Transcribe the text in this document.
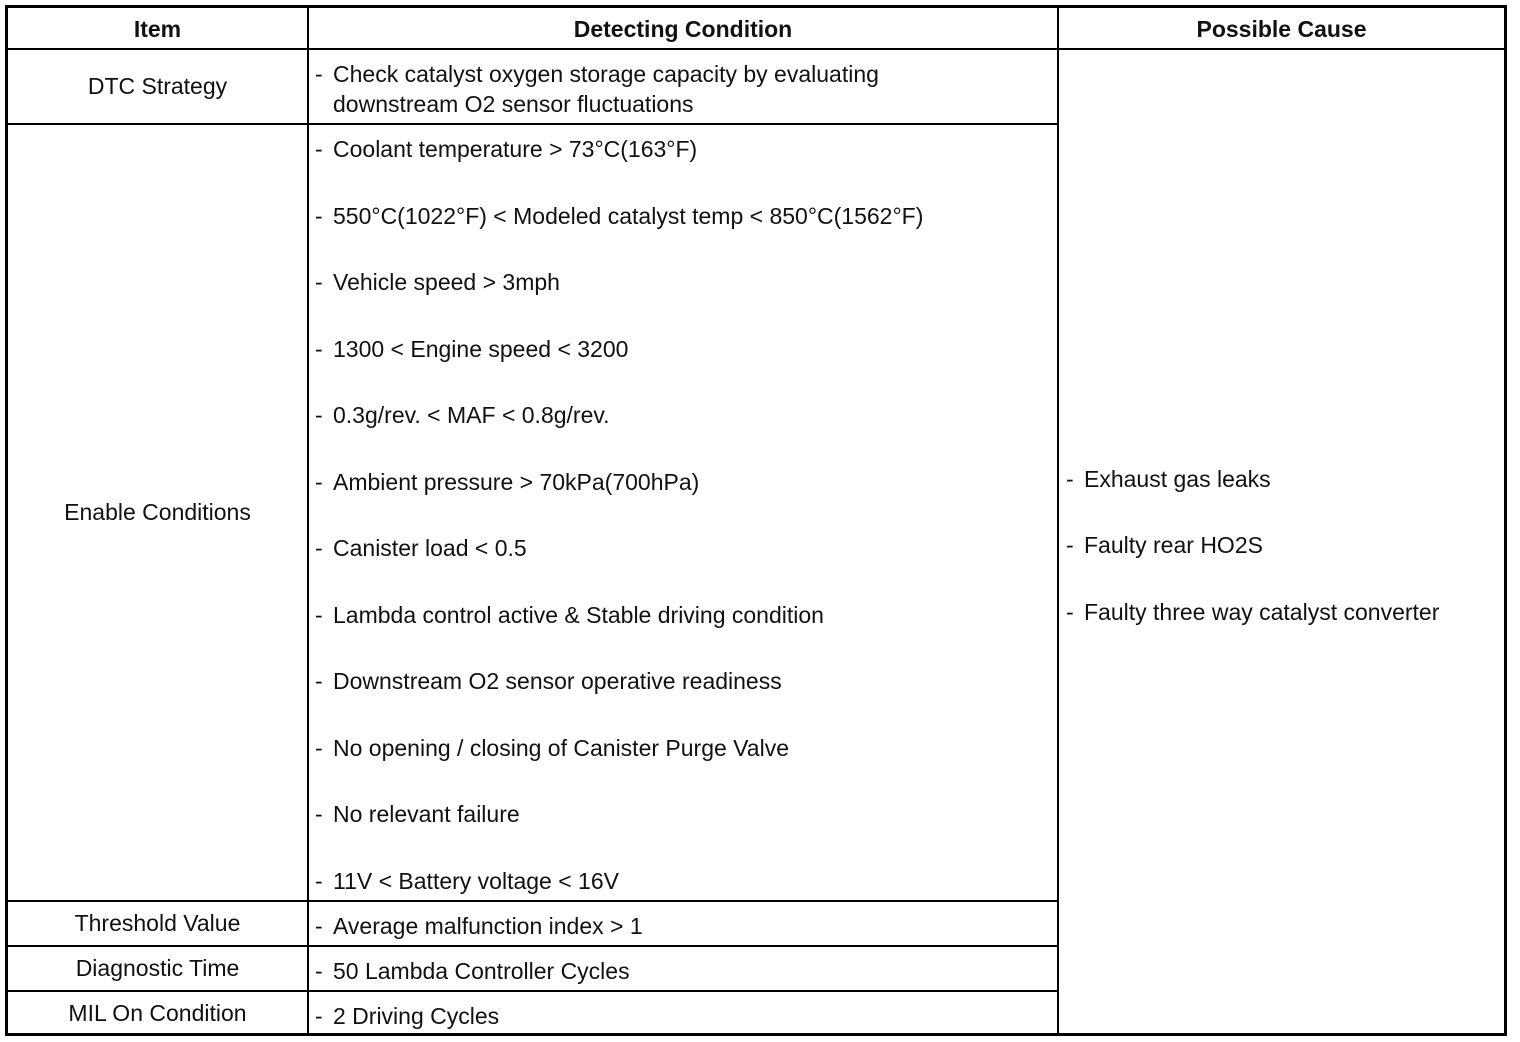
Item	Detecting Condition	Possible Cause
DTC Strategy
Enable Conditions
Threshold Value
Diagnostic Time
MIL On Condition
- Check catalyst oxygen storage capacity by evaluating
downstream O2 sensor fluctuations
- Coolant temperature > 73°C(163°F)
- 550°C(1022°F) < Modeled catalyst temp < 850°C(1562°F)
- Vehicle speed > 3mph
- 1300 < Engine speed < 3200
- 0.3g/rev. < MAF < 0.8g/rev.
- Ambient pressure > 70kPa(700hPa)
- Canister load < 0.5
- Lambda control active & Stable driving condition
- Downstream O2 sensor operative readiness
- No opening / closing of Canister Purge Valve
- No relevant failure
- 11V < Battery voltage < 16V
- Average malfunction index > 1
- 50 Lambda Controller Cycles
- 2 Driving Cycles
- Exhaust gas leaks
- Faulty rear HO2S
- Faulty three way catalyst converter
